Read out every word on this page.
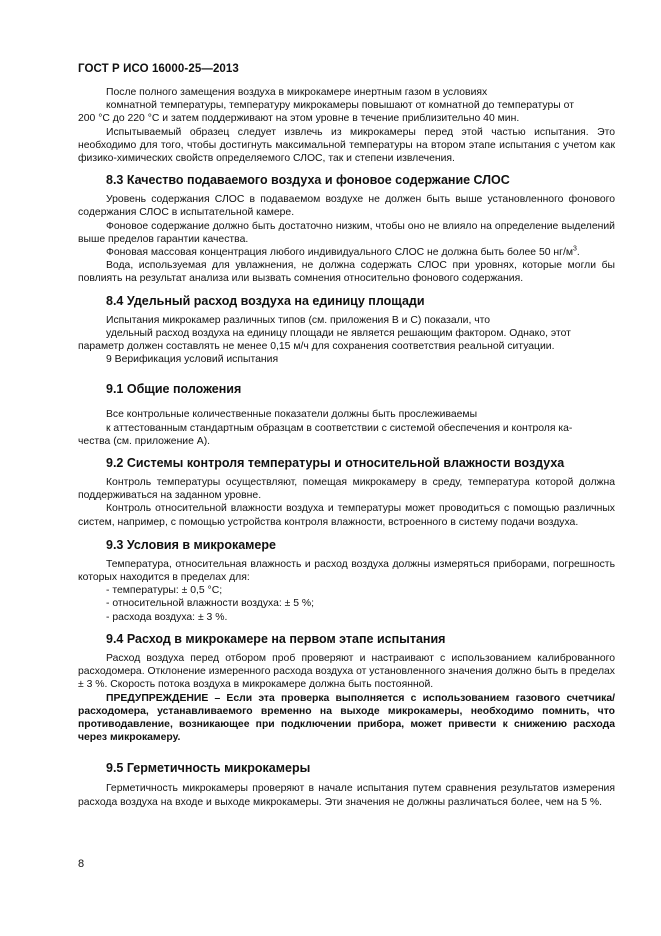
ГОСТ Р ИСО 16000-25—2013
После полного замещения воздуха в микрокамере инертным газом в условиях
комнатной температуры, температуру микрокамеры повышают от комнатной до температуры от
200 °С до 220 °С и затем поддерживают на этом уровне в течение приблизительно 40 мин.
Испытываемый образец следует извлечь из микрокамеры перед этой частью испытания. Это необходимо для того, чтобы достигнуть максимальной температуры на втором этапе испытания с учетом как физико-химических свойств определяемого СЛОС, так и степени извлечения.
8.3 Качество подаваемого воздуха и фоновое содержание СЛОС
Уровень содержания СЛОС в подаваемом воздухе не должен быть выше установленного фонового содержания СЛОС в испытательной камере.
Фоновое содержание должно быть достаточно низким, чтобы оно не влияло на определение выделений выше пределов гарантии качества.
Фоновая массовая концентрация любого индивидуального СЛОС не должна быть более 50 $нг/м^3$.
Вода, используемая для увлажнения, не должна содержать СЛОС при уровнях, которые могли бы повлиять на результат анализа или вызвать сомнения относительно фонового содержания.
8.4 Удельный расход воздуха на единицу площади
Испытания микрокамер различных типов (см. приложения В и С) показали, что
удельный расход воздуха на единицу площади не является решающим фактором. Однако, этот
параметр должен составлять не менее 0,15 м/ч для сохранения соответствия реальной ситуации.
9 Верификация условий испытания
9.1 Общие положения
Все контрольные количественные показатели должны быть прослеживаемы
к аттестованным стандартным образцам в соответствии с системой обеспечения и контроля ка-
чества (см. приложение А).
9.2 Системы контроля температуры и относительной влажности воздуха
Контроль температуры осуществляют, помещая микрокамеру в среду, температура которой должна поддерживаться на заданном уровне.
Контроль относительной влажности воздуха и температуры может проводиться с помощью различных систем, например, с помощью устройства контроля влажности, встроенного в систему подачи воздуха.
9.3 Условия в микрокамере
Температура, относительная влажность и расход воздуха должны измеряться приборами, погрешность которых находится в пределах для:
- температуры: ± 0,5 °С;
- относительной влажности воздуха: ± 5 %;
- расхода воздуха: ± 3 %.
9.4 Расход в микрокамере на первом этапе испытания
Расход воздуха перед отбором проб проверяют и настраивают с использованием калиброванного расходомера. Отклонение измеренного расхода воздуха от установленного значения должно быть в пределах ± 3 %. Скорость потока воздуха в микрокамере должна быть постоянной.
ПРЕДУПРЕЖДЕНИЕ – Если эта проверка выполняется с использованием газового счетчика/расходомера, устанавливаемого временно на выходе микрокамеры, необходимо помнить, что противодавление, возникающее при подключении прибора, может привести к снижению расхода через микрокамеру.
9.5 Герметичность микрокамеры
Герметичность микрокамеры проверяют в начале испытания путем сравнения результатов измерения расхода воздуха на входе и выходе микрокамеры. Эти значения не должны различаться более, чем на 5 %.
8
